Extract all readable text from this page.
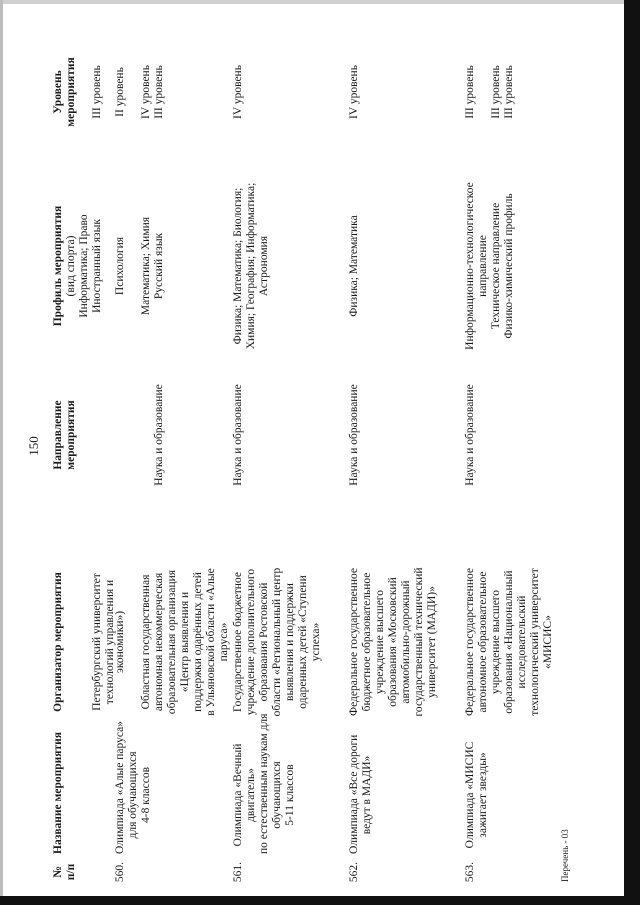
150
№ п/п
Название мероприятия
Организатор мероприятия Петербургский университет технологий управления и
Направление мероприятия
Профиль мероприятия (вид спорта) Информатика; Право Иностранный язык
Уровень мероприятия III уровень
560.
Олимпиада «Алые паруса» для обучающихся 4-8 классов
экономики») Областная государственная автономная некоммерческая образовательная организация «Центр выявления и поддержки одарённых детей в Ульяновской области «Алые паруса»
Наука и образование
Психология Математика; Химия Русский язык
II уровень IV уровень III уровень
561.
Олимпиада «Вечный двигатель» по естественным наукам для обучающихся 5-11 классов
Государственное бюджетное учреждение дополнительного образования Ростовской области «Региональный центр выявления и поддержки одаренных детей «Ступени успеха»
Наука и образование
Физика; Математика; Биология; Химия; География; Информатика; Астрономия
IV уровень
562.
Олимпиада «Все дороги ведут в МАДИ»
Федеральное государственное бюджетное образовательное учреждение высшего образования «Московский автомобильно-дорожный государственный технический университет (МАДИ)»
Наука и образование
Физика; Математика
IV уровень
563.
Олимпиада «МИСИС зажигает звезды»
Федеральное государственное автономное образовательное учреждение высшего образования «Национальный исследовательский технологический университет «МИСИС»
Наука и образование
Информационно-технологическое направление Техническое направление Физико-химический профиль
III уровень III уровень III уровень
Перечень - 03
